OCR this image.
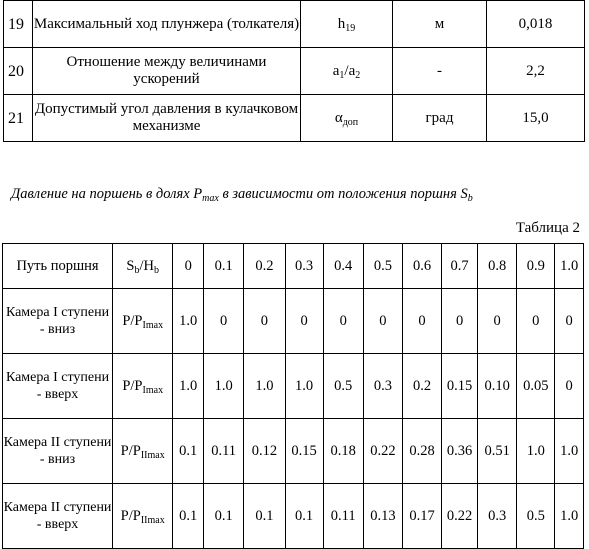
19	Максимальный ход плунжера (толкателя)	$h_{19}$	м	0,018
20	Отношение между величинами ускорений	$a_1/a_2$	-	2,2
21	Допустимый угол давления в кулачковом механизме	$\alpha_{доп}$	град	15,0
Давление на поршень в долях $P_{max}$ в зависимости от положения поршня $S_b$
Таблица 2
Путь поршня	$S_b/H_b$	0	0.1	0.2	0.3	0.4	0.5	0.6	0.7	0.8	0.9	1.0
Камера I ступени - вниз	$P/P_{Imax}$	1.0	0	0	0	0	0	0	0	0	0	0
Камера I ступени - вверх	$P/P_{Imax}$	1.0	1.0	1.0	1.0	0.5	0.3	0.2	0.15	0.10	0.05	0
Камера II ступени - вниз	$P/P_{IImax}$	0.1	0.11	0.12	0.15	0.18	0.22	0.28	0.36	0.51	1.0	1.0
Камера II ступени - вверх	$P/P_{IImax}$	0.1	0.1	0.1	0.1	0.11	0.13	0.17	0.22	0.3	0.5	1.0
